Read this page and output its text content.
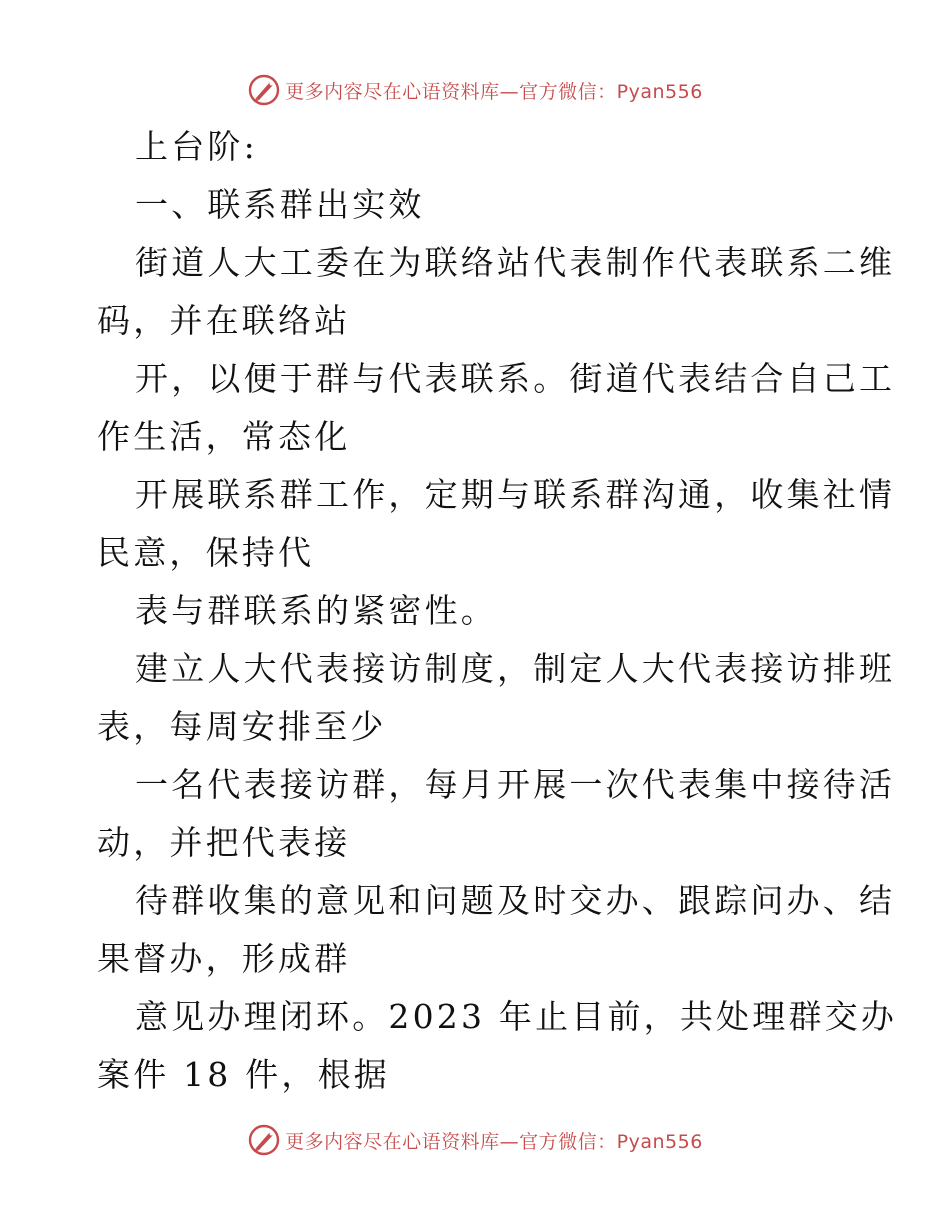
更多内容尽在心语资料库—官方微信：Pyan556
上台阶:
一、联系群出实效
街道人大工委在为联络站代表制作代表联系二维
码，并在联络站
开，以便于群与代表联系。街道代表结合自己工
作生活，常态化
开展联系群工作，定期与联系群沟通，收集社情
民意，保持代
表与群联系的紧密性。
建立人大代表接访制度，制定人大代表接访排班
表，每周安排至少
一名代表接访群，每月开展一次代表集中接待活
动，并把代表接
待群收集的意见和问题及时交办、跟踪问办、结
果督办，形成群
意见办理闭环。2023 年止目前，共处理群交办
案件 18 件，根据
更多内容尽在心语资料库—官方微信：Pyan556
